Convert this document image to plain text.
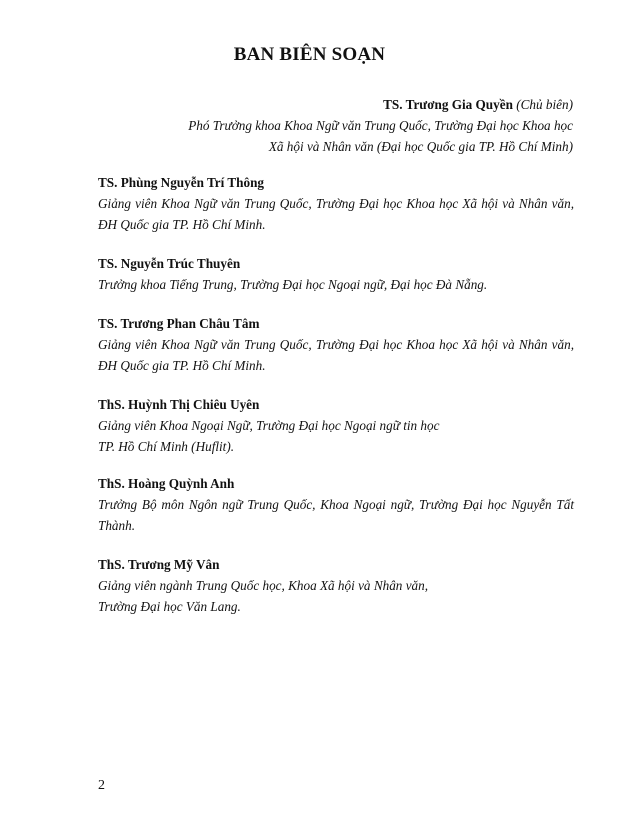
BAN BIÊN SOẠN
TS. Trương Gia Quyền (Chủ biên)
Phó Trưởng khoa Khoa Ngữ văn Trung Quốc, Trường Đại học Khoa học
Xã hội và Nhân văn (Đại học Quốc gia TP. Hồ Chí Minh)
TS. Phùng Nguyễn Trí Thông
Giảng viên Khoa Ngữ văn Trung Quốc, Trường Đại học Khoa học Xã hội và Nhân văn, ĐH Quốc gia TP. Hồ Chí Minh.
TS. Nguyễn Trúc Thuyên
Trưởng khoa Tiếng Trung, Trường Đại học Ngoại ngữ, Đại học Đà Nẵng.
TS. Trương Phan Châu Tâm
Giảng viên Khoa Ngữ văn Trung Quốc, Trường Đại học Khoa học Xã hội và Nhân văn, ĐH Quốc gia TP. Hồ Chí Minh.
ThS. Huỳnh Thị Chiêu Uyên
Giảng viên Khoa Ngoại Ngữ, Trường Đại học Ngoại ngữ tin học
TP. Hồ Chí Minh (Huflit).
ThS. Hoàng Quỳnh Anh
Trưởng Bộ môn Ngôn ngữ Trung Quốc, Khoa Ngoại ngữ, Trường Đại học Nguyễn Tất Thành.
ThS. Trương Mỹ Vân
Giảng viên ngành Trung Quốc học, Khoa Xã hội và Nhân văn,
Trường Đại học Văn Lang.
2
